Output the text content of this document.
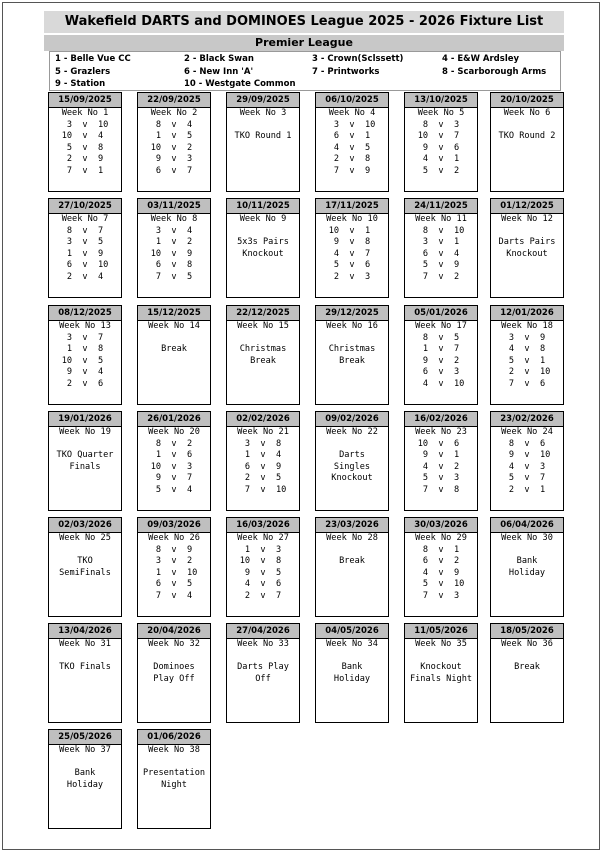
Wakefield DARTS and DOMINOES League 2025 - 2026 Fixture List
Premier League
1 - Belle Vue CC	2 - Black Swan	3 - Crown(Sclssett)	4 - E&W Ardsley
5 - Grazlers	6 - New Inn 'A'	7 - Printworks	8 - Scarborough Arms
9 - Station	10 - Westgate Common
15/09/2025
Week No 1
3  v  10
10  v  4
5  v  8
2  v  9
7  v  1
22/09/2025
Week No 2
8  v  4
1  v  5
10  v  2
9  v  3
6  v  7
29/09/2025
Week No 3
TKO Round 1
06/10/2025
Week No 4
3  v  10
6  v  1
4  v  5
2  v  8
7  v  9
13/10/2025
Week No 5
8  v  3
10  v  7
9  v  6
4  v  1
5  v  2
20/10/2025
Week No 6
TKO Round 2
27/10/2025
Week No 7
8  v  7
3  v  5
1  v  9
6  v  10
2  v  4
03/11/2025
Week No 8
3  v  4
1  v  2
10  v  9
6  v  8
7  v  5
10/11/2025
Week No 9
5x3s Pairs
Knockout
17/11/2025
Week No 10
10  v  1
9  v  8
4  v  7
5  v  6
2  v  3
24/11/2025
Week No 11
8  v  10
3  v  1
6  v  4
5  v  9
7  v  2
01/12/2025
Week No 12
Darts Pairs
Knockout
08/12/2025
Week No 13
3  v  7
1  v  8
10  v  5
9  v  4
2  v  6
15/12/2025
Week No 14
Break
22/12/2025
Week No 15
Christmas
Break
29/12/2025
Week No 16
Christmas
Break
05/01/2026
Week No 17
8  v  5
1  v  7
9  v  2
6  v  3
4  v  10
12/01/2026
Week No 18
3  v  9
4  v  8
5  v  1
2  v  10
7  v  6
19/01/2026
Week No 19
TKO Quarter
Finals
26/01/2026
Week No 20
8  v  2
1  v  6
10  v  3
9  v  7
5  v  4
02/02/2026
Week No 21
3  v  8
1  v  4
6  v  9
2  v  5
7  v  10
09/02/2026
Week No 22
Darts
Singles
Knockout
16/02/2026
Week No 23
10  v  6
9  v  1
4  v  2
5  v  3
7  v  8
23/02/2026
Week No 24
8  v  6
9  v  10
4  v  3
5  v  7
2  v  1
02/03/2026
Week No 25
TKO
SemiFinals
09/03/2026
Week No 26
8  v  9
3  v  2
1  v  10
6  v  5
7  v  4
16/03/2026
Week No 27
1  v  3
10  v  8
9  v  5
4  v  6
2  v  7
23/03/2026
Week No 28
Break
30/03/2026
Week No 29
8  v  1
6  v  2
4  v  9
5  v  10
7  v  3
06/04/2026
Week No 30
Bank
Holiday
13/04/2026
Week No 31
TKO Finals
20/04/2026
Week No 32
Dominoes
Play Off
27/04/2026
Week No 33
Darts Play
Off
04/05/2026
Week No 34
Bank
Holiday
11/05/2026
Week No 35
Knockout
Finals Night
18/05/2026
Week No 36
Break
25/05/2026
Week No 37
Bank
Holiday
01/06/2026
Week No 38
Presentation
Night
